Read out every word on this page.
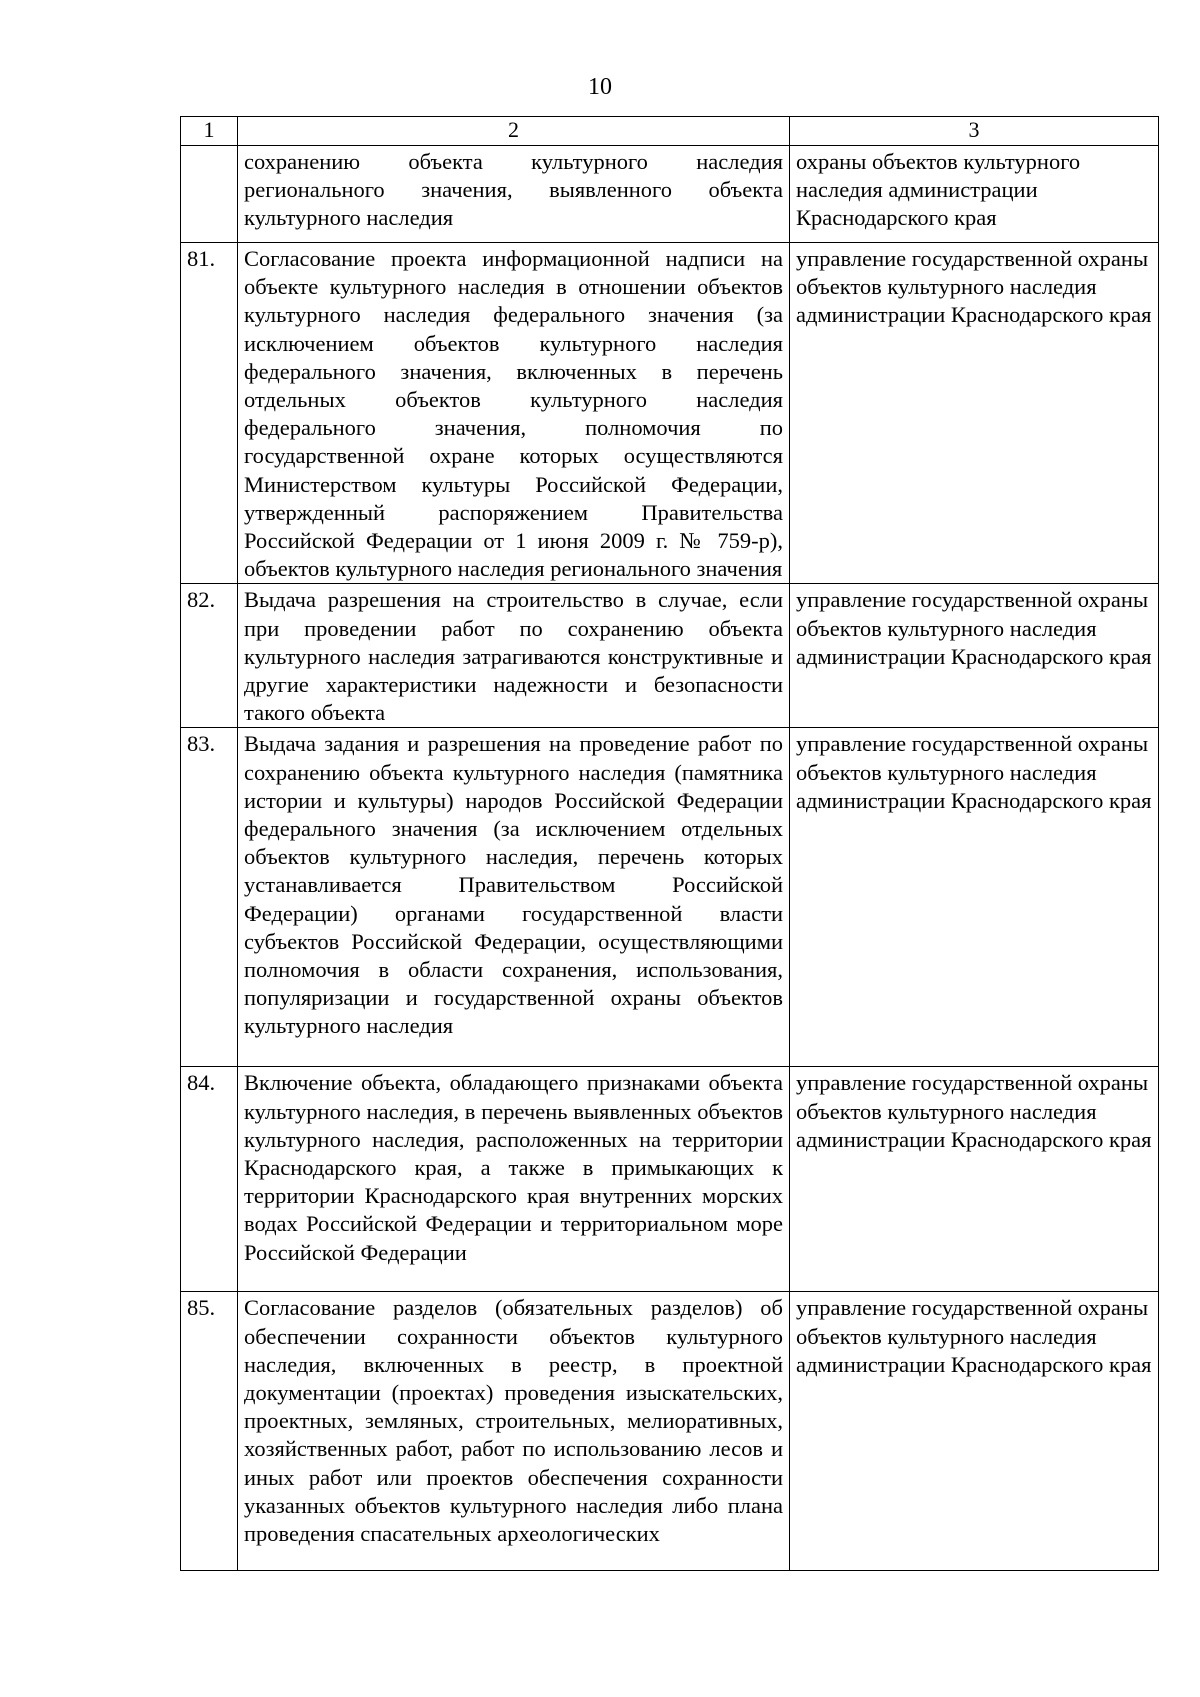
10
1	2	3
	сохранению объекта культурного наследия регионального значения, выявленного объекта культурного наследия	охраны объектов культурного наследия администрации Краснодарского края
81.	Согласование проекта информационной надписи на объекте культурного наследия в отношении объектов культурного наследия федерального значения (за исключением объектов культурного наследия федерального значения, включенных в перечень отдельных объектов культурного наследия федерального значения, полномочия по государственной охране которых осуществляются Министерством культуры Российской Федерации, утвержденный распоряжением Правительства Российской Федерации от 1 июня 2009 г. № 759-р), объектов культурного наследия регионального значения	управление государственной охраны объектов культурного наследия администрации Краснодарского края
82.	Выдача разрешения на строительство в случае, если при проведении работ по сохранению объекта культурного наследия затрагиваются конструктивные и другие характеристики надежности и безопасности такого объекта	управление государственной охраны объектов культурного наследия администрации Краснодарского края
83.	Выдача задания и разрешения на проведение работ по сохранению объекта культурного наследия (памятника истории и культуры) народов Российской Федерации федерального значения (за исключением отдельных объектов культурного наследия, перечень которых устанавливается Правительством Российской Федерации) органами государственной власти субъектов Российской Федерации, осуществляющими полномочия в области сохранения, использования, популяризации и государственной охраны объектов культурного наследия	управление государственной охраны объектов культурного наследия администрации Краснодарского края
84.	Включение объекта, обладающего признаками объекта культурного наследия, в перечень выявленных объектов культурного наследия, расположенных на территории Краснодарского края, а также в примыкающих к территории Краснодарского края внутренних морских водах Российской Федерации и территориальном море Российской Федерации	управление государственной охраны объектов культурного наследия администрации Краснодарского края
85.	Согласование разделов (обязательных разделов) об обеспечении сохранности объектов культурного наследия, включенных в реестр, в проектной документации (проектах) проведения изыскательских, проектных, земляных, строительных, мелиоративных, хозяйственных работ, работ по использованию лесов и иных работ или проектов обеспечения сохранности указанных объектов культурного наследия либо плана проведения спасательных археологических	управление государственной охраны объектов культурного наследия администрации Краснодарского края
